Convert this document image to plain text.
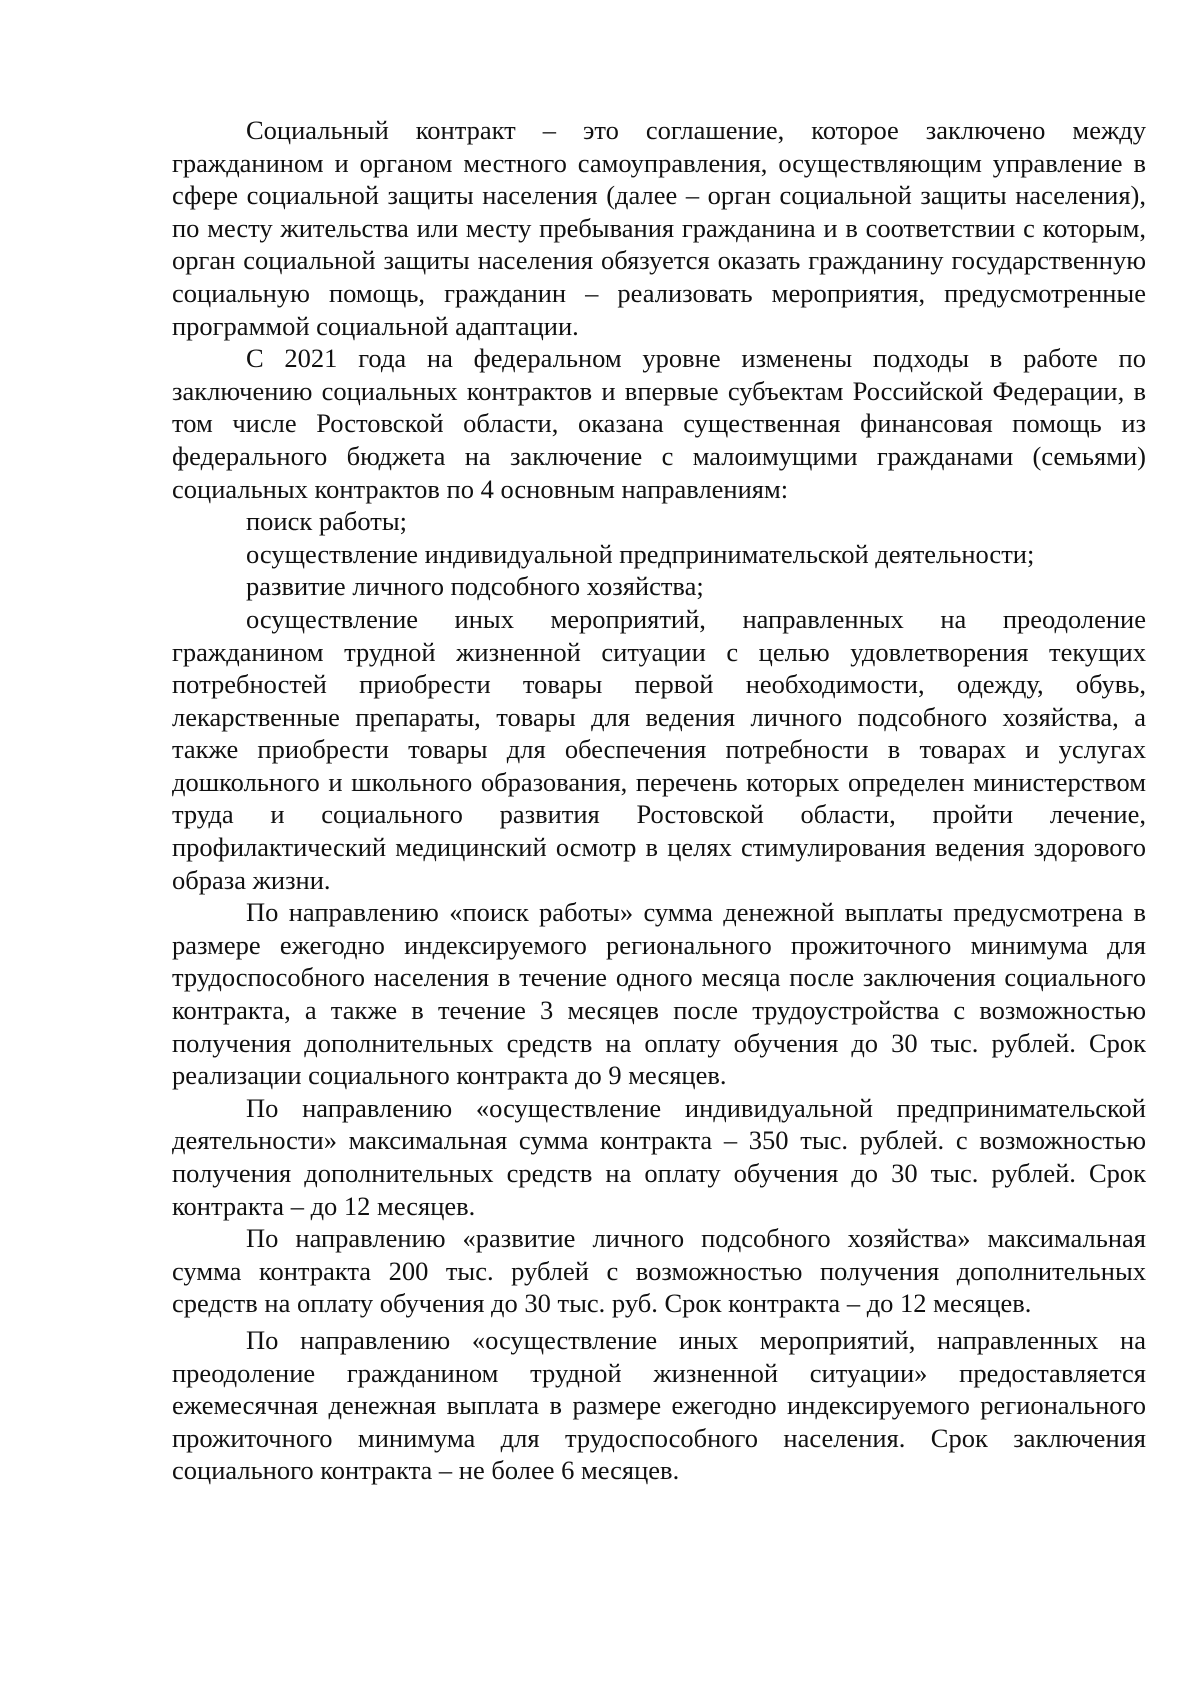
Социальный контракт – это соглашение, которое заключено между гражданином и органом местного самоуправления, осуществляющим управление в сфере социальной защиты населения (далее – орган социальной защиты населения), по месту жительства или месту пребывания гражданина и в соответствии с которым, орган социальной защиты населения обязуется оказать гражданину государственную социальную помощь, гражданин – реализовать мероприятия, предусмотренные программой социальной адаптации.

С 2021 года на федеральном уровне изменены подходы в работе по заключению социальных контрактов и впервые субъектам Российской Федерации, в том числе Ростовской области, оказана существенная финансовая помощь из федерального бюджета на заключение с малоимущими гражданами (семьями) социальных контрактов по 4 основным направлениям:

поиск работы;

осуществление индивидуальной предпринимательской деятельности;

развитие личного подсобного хозяйства;

осуществление иных мероприятий, направленных на преодоление гражданином трудной жизненной ситуации с целью удовлетворения текущих потребностей приобрести товары первой необходимости, одежду, обувь, лекарственные препараты, товары для ведения личного подсобного хозяйства, а также приобрести товары для обеспечения потребности в товарах и услугах дошкольного и школьного образования, перечень которых определен министерством труда и социального развития Ростовской области, пройти лечение, профилактический медицинский осмотр в целях стимулирования ведения здорового образа жизни.

По направлению «поиск работы» сумма денежной выплаты предусмотрена в размере ежегодно индексируемого регионального прожиточного минимума для трудоспособного населения в течение одного месяца после заключения социального контракта, а также в течение 3 месяцев после трудоустройства с возможностью получения дополнительных средств на оплату обучения до 30 тыс. рублей. Срок реализации социального контракта до 9 месяцев.

По направлению «осуществление индивидуальной предпринимательской деятельности» максимальная сумма контракта – 350 тыс. рублей. с возможностью получения дополнительных средств на оплату обучения до 30 тыс. рублей. Срок контракта – до 12 месяцев.

По направлению «развитие личного подсобного хозяйства» максимальная сумма контракта 200 тыс. рублей с возможностью получения дополнительных средств на оплату обучения до 30 тыс. руб. Срок контракта – до 12 месяцев.

По направлению «осуществление иных мероприятий, направленных на преодоление гражданином трудной жизненной ситуации» предоставляется ежемесячная денежная выплата в размере ежегодно индексируемого регионального прожиточного минимума для трудоспособного населения. Срок заключения социального контракта – не более 6 месяцев.
